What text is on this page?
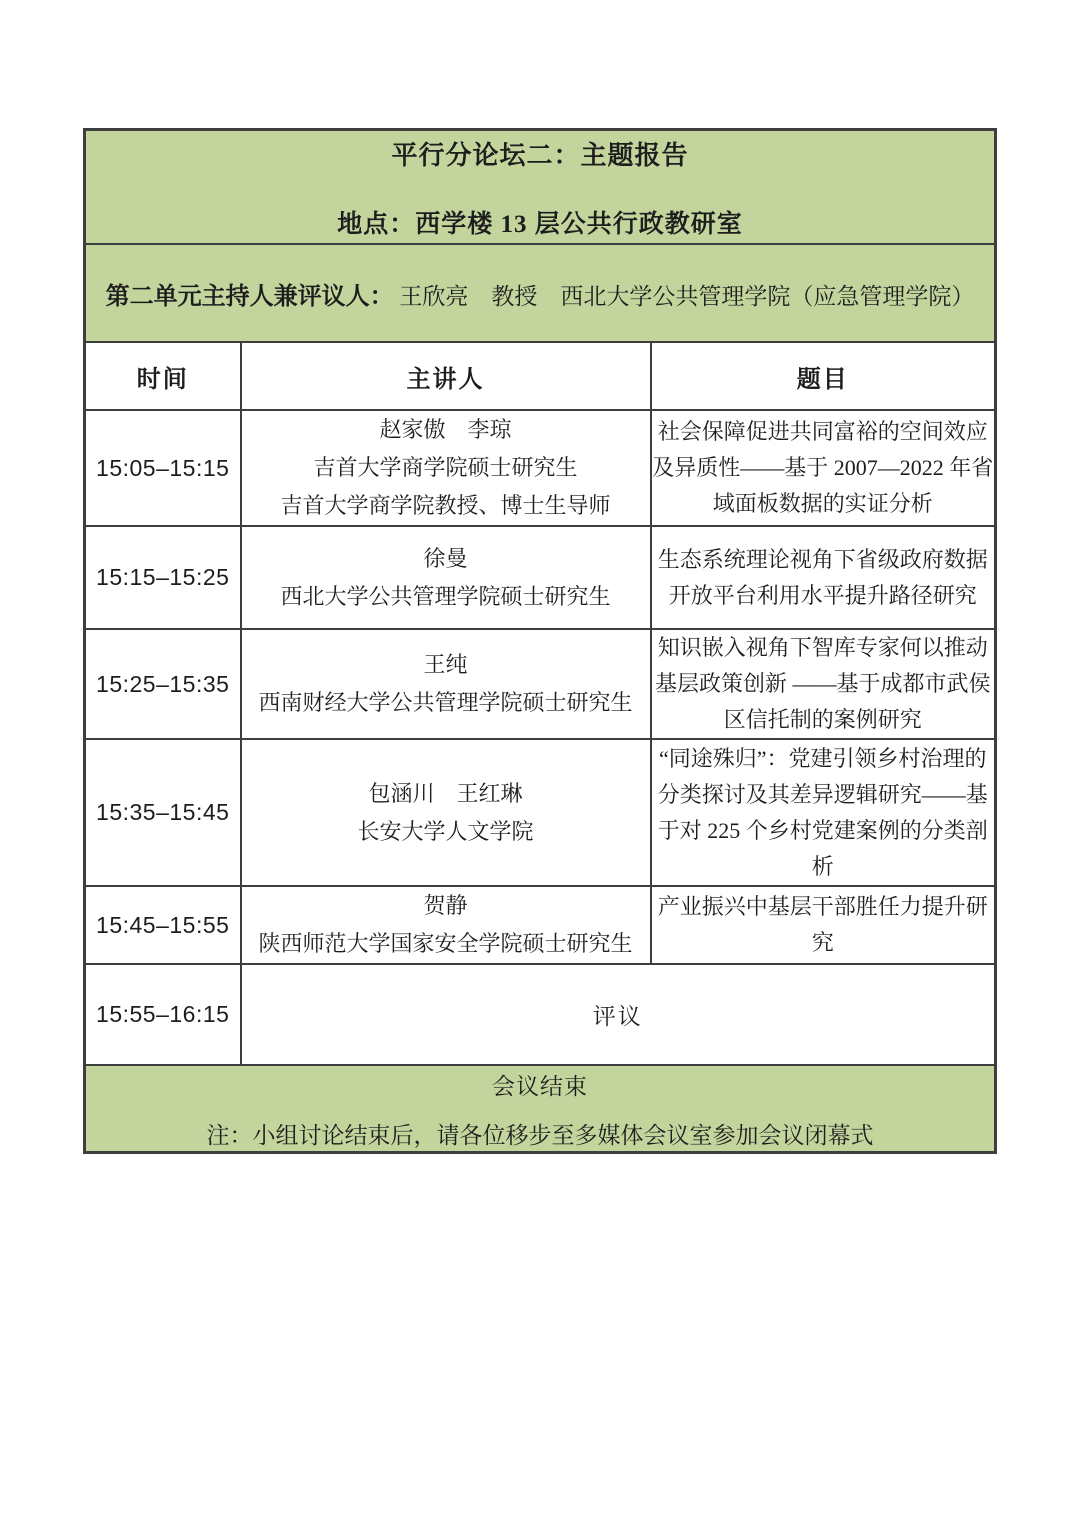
平行分论坛二：主题报告
地点：西学楼 13 层公共行政教研室		

第二单元主持人兼评议人： 王欣亮　教授　西北大学公共管理学院（应急管理学院）		

时间	主讲人	题目
15:05–15:15	赵家傲　李琼
吉首大学商学院硕士研究生
吉首大学商学院教授、博士生导师	社会保障促进共同富裕的空间效应及异质性——基于 2007—2022 年省域面板数据的实证分析
15:15–15:25	徐曼
西北大学公共管理学院硕士研究生	生态系统理论视角下省级政府数据开放平台利用水平提升路径研究
15:25–15:35	王纯
西南财经大学公共管理学院硕士研究生	知识嵌入视角下智库专家何以推动基层政策创新 ——基于成都市武侯区信托制的案例研究
15:35–15:45	包涵川　王红琳
长安大学人文学院	“同途殊归”：党建引领乡村治理的分类探讨及其差异逻辑研究——基于对 225 个乡村党建案例的分类剖析
15:45–15:55	贺静
陕西师范大学国家安全学院硕士研究生	产业振兴中基层干部胜任力提升研究
15:55–16:15	评议	

会议结束
注：小组讨论结束后，请各位移步至多媒体会议室参加会议闭幕式		
